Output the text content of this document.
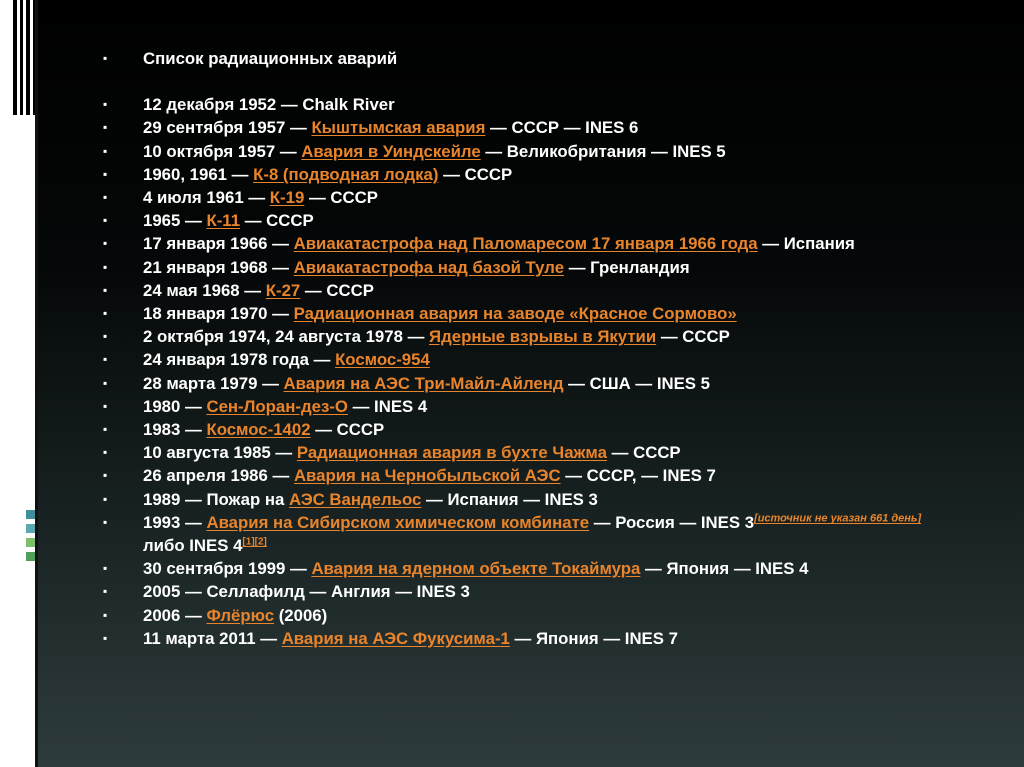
▪ Список радиационных аварий
▪ 12 декабря 1952 — Chalk River
▪ 29 сентября 1957 — Кыштымская авария — СССР — INES 6
▪ 10 октября 1957 — Авария в Уиндскейле — Великобритания — INES 5
▪ 1960, 1961 — К-8 (подводная лодка) — СССР
▪ 4 июля 1961 — К-19 — СССР
▪ 1965 — К-11 — СССР
▪ 17 января 1966 — Авиакатастрофа над Паломаресом 17 января 1966 года — Испания
▪ 21 января 1968 — Авиакатастрофа над базой Туле — Гренландия
▪ 24 мая 1968 — К-27 — СССР
▪ 18 января 1970 — Радиационная авария на заводе «Красное Сормово»
▪ 2 октября 1974, 24 августа 1978 — Ядерные взрывы в Якутии — СССР
▪ 24 января 1978 года — Космос-954
▪ 28 марта 1979 — Авария на АЭС Три-Майл-Айленд — США — INES 5
▪ 1980 — Сен-Лоран-дез-О — INES 4
▪ 1983 — Космос-1402 — СССР
▪ 10 августа 1985 — Радиационная авария в бухте Чажма — СССР
▪ 26 апреля 1986 — Авария на Чернобыльской АЭС — СССР, — INES 7
▪ 1989 — Пожар на АЭС Вандельос — Испания — INES 3
▪ 1993 — Авария на Сибирском химическом комбинате — Россия — INES 3[источник не указан 661 день] либо INES 4[1][2]
▪ 30 сентября 1999 — Авария на ядерном объекте Токаймура — Япония — INES 4
▪ 2005 — Селлафилд — Англия — INES 3
▪ 2006 — Флёрюс (2006)
▪ 11 марта 2011 — Авария на АЭС Фукусима-1 — Япония — INES 7
